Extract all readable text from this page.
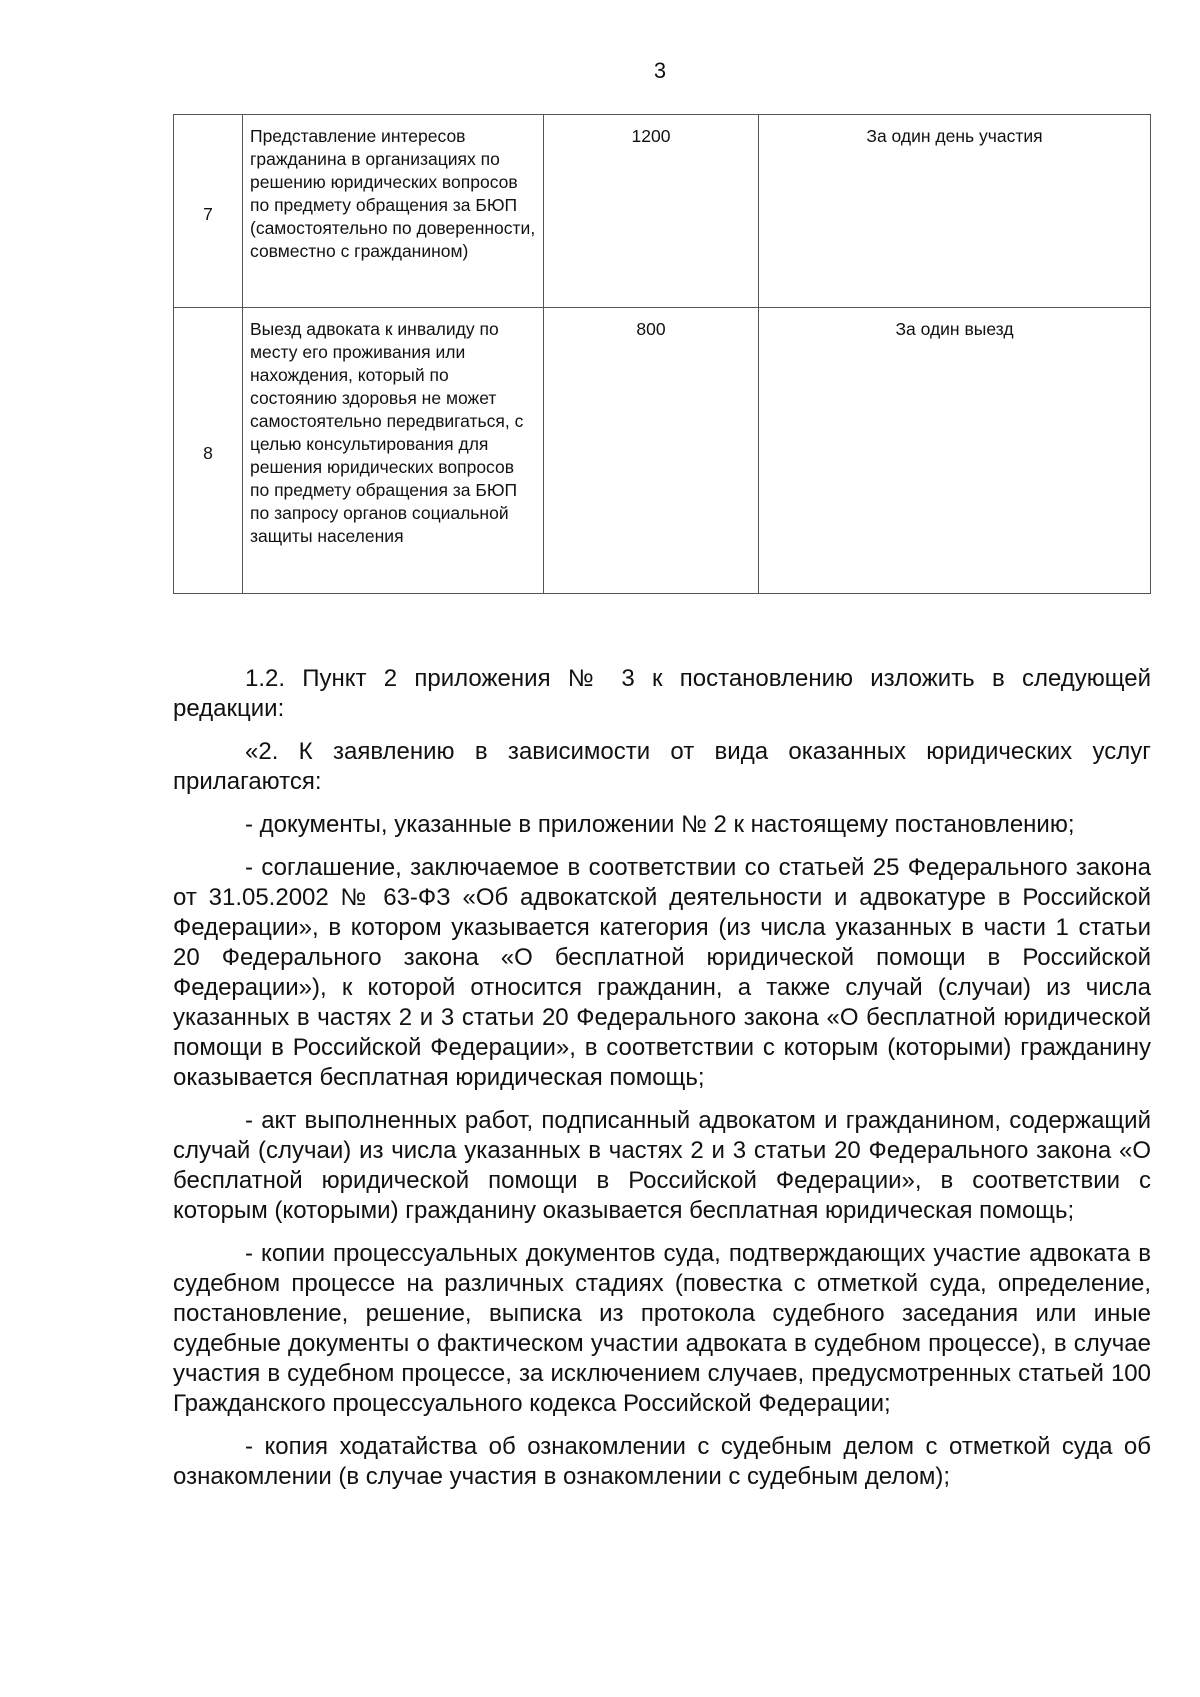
3
7	Представление интересов гражданина в организациях по решению юридических вопросов по предмету обращения за БЮП (самостоятельно по доверенности, совместно с гражданином)	1200	За один день участия
8	Выезд адвоката к инвалиду по месту его проживания или нахождения, который по состоянию здоровья не может самостоятельно передвигаться, с целью консультирования для решения юридических вопросов по предмету обращения за БЮП по запросу органов социальной защиты населения	800	За один выезд

1.2. Пункт 2 приложения № 3 к постановлению изложить в следующей редакции:

«2. К заявлению в зависимости от вида оказанных юридических услуг прилагаются:

- документы, указанные в приложении № 2 к настоящему постановлению;

- соглашение, заключаемое в соответствии со статьей 25 Федерального закона от 31.05.2002 № 63-ФЗ «Об адвокатской деятельности и адвокатуре в Российской Федерации», в котором указывается категория (из числа указанных в части 1 статьи 20 Федерального закона «О бесплатной юридической помощи в Российской Федерации»), к которой относится гражданин, а также случай (случаи) из числа указанных в частях 2 и 3 статьи 20 Федерального закона «О бесплатной юридической помощи в Российской Федерации», в соответствии с которым (которыми) гражданину оказывается бесплатная юридическая помощь;

- акт выполненных работ, подписанный адвокатом и гражданином, содержащий случай (случаи) из числа указанных в частях 2 и 3 статьи 20 Федерального закона «О бесплатной юридической помощи в Российской Федерации», в соответствии с которым (которыми) гражданину оказывается бесплатная юридическая помощь;

- копии процессуальных документов суда, подтверждающих участие адвоката в судебном процессе на различных стадиях (повестка с отметкой суда, определение, постановление, решение, выписка из протокола судебного заседания или иные судебные документы о фактическом участии адвоката в судебном процессе), в случае участия в судебном процессе, за исключением случаев, предусмотренных статьей 100 Гражданского процессуального кодекса Российской Федерации;

- копия ходатайства об ознакомлении с судебным делом с отметкой суда об ознакомлении (в случае участия в ознакомлении с судебным делом);
